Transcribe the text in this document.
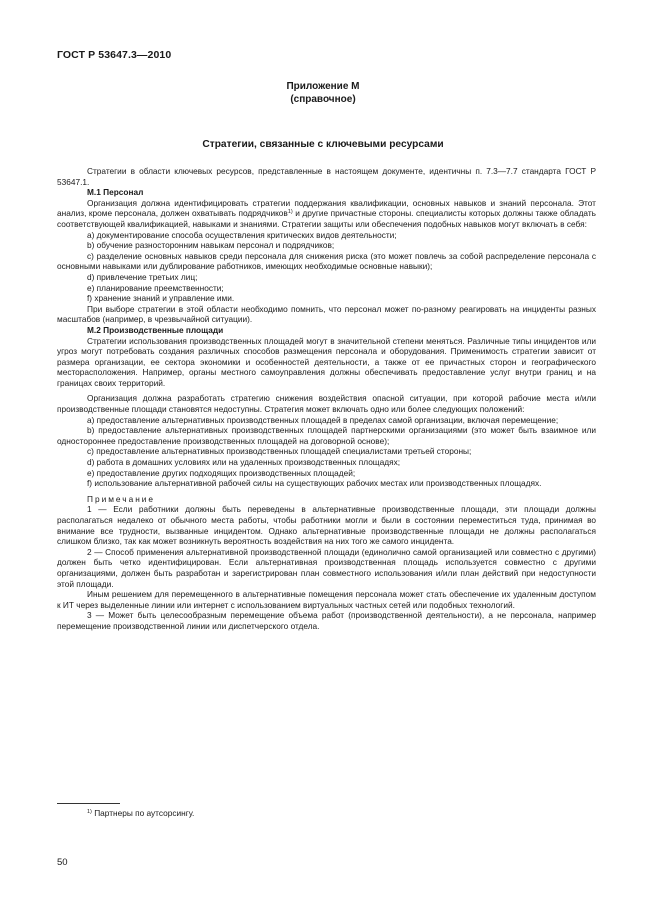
ГОСТ Р 53647.3—2010
Приложение М
(справочное)
Стратегии, связанные с ключевыми ресурсами

Стратегии в области ключевых ресурсов, представленные в настоящем документе, идентичны п. 7.3—7.7 стандарта ГОСТ Р 53647.1.

М.1 Персонал

Организация должна идентифицировать стратегии поддержания квалификации, основных навыков и знаний персонала. Этот анализ, кроме персонала, должен охватывать подрядчиков$^{1)}$ и другие причастные стороны. специалисты которых должны также обладать соответствующей квалификацией, навыками и знаниями. Стратегии защиты или обеспечения подобных навыков могут включать в себя:

а) документирование способа осуществления критических видов деятельности;

b) обучение разносторонним навыкам персонал и подрядчиков;

с) разделение основных навыков среди персонала для снижения риска (это может повлечь за собой распределение персонала с основными навыками или дублирование работников, имеющих необходимые основные навыки);

d) привлечение третьих лиц;

e) планирование преемственности;

f) хранение знаний и управление ими.

При выборе стратегии в этой области необходимо помнить, что персонал может по-разному реагировать на инциденты разных масштабов (например, в чрезвычайной ситуации).

М.2 Производственные площади

Стратегии использования производственных площадей могут в значительной степени меняться. Различные типы инцидентов или угроз могут потребовать создания различных способов размещения персонала и оборудования. Применимость стратегии зависит от размера организации, ее сектора экономики и особенностей деятельности, а также от ее причастных сторон и географического месторасположения. Например, органы местного самоуправления должны обеспечивать предоставление услуг внутри границ и на границах своих территорий.

Организация должна разработать стратегию снижения воздействия опасной ситуации, при которой рабочие места и/или производственные площади становятся недоступны. Стратегия может включать одно или более следующих положений:

а) предоставление альтернативных производственных площадей в пределах самой организации, включая перемещение;

b) предоставление альтернативных производственных площадей партнерскими организациями (это может быть взаимное или одностороннее предоставление производственных площадей на договорной основе);

c) предоставление альтернативных производственных площадей специалистами третьей стороны;

d) работа в домашних условиях или на удаленных производственных площадях;

e) предоставление других подходящих производственных площадей;

f) использование альтернативной рабочей силы на существующих рабочих местах или производственных площадях.

Примечание

1 — Если работники должны быть переведены в альтернативные производственные площади, эти площади должны располагаться недалеко от обычного места работы, чтобы работники могли и были в состоянии переместиться туда, принимая во внимание все трудности, вызванные инцидентом. Однако альтернативные производственные площади не должны располагаться слишком близко, так как может возникнуть вероятность воздействия на них того же самого инцидента.

2 — Способ применения альтернативной производственной площади (единолично самой организацией или совместно с другими) должен быть четко идентифицирован. Если альтернативная производственная площадь используется совместно с другими организациями, должен быть разработан и зарегистрирован план совместного использования и/или план действий при недоступности этой площади.

Иным решением для перемещенного в альтернативные помещения персонала может стать обеспечение их удаленным доступом к ИТ через выделенные линии или интернет с использованием виртуальных частных сетей или подобных технологий.

3 — Может быть целесообразным перемещение объема работ (производственной деятельности), а не персонала, например перемещение производственной линии или диспетчерского отдела.

$^{1)}$ Партнеры по аутсорсингу.
50
